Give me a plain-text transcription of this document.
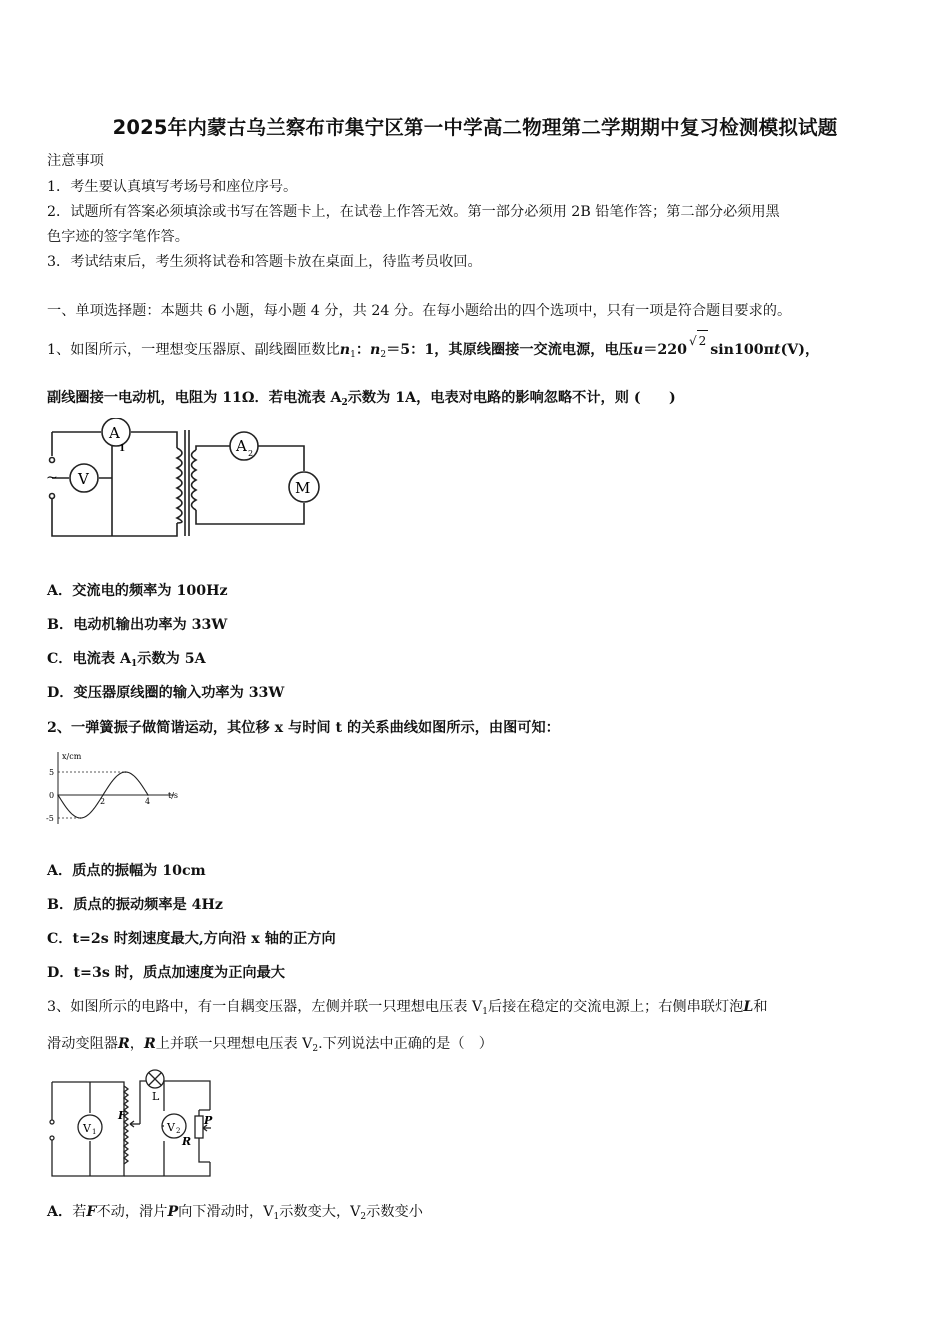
2025年内蒙古乌兰察布市集宁区第一中学高二物理第二学期期中复习检测模拟试题
注意事项
1．考生要认真填写考场号和座位序号。
2．试题所有答案必须填涂或书写在答题卡上，在试卷上作答无效。第一部分必须用 2B 铅笔作答；第二部分必须用黑
色字迹的签字笔作答。
3．考试结束后，考生须将试卷和答题卡放在桌面上，待监考员收回。
一、单项选择题：本题共 6 小题，每小题 4 分，共 24 分。在每小题给出的四个选项中，只有一项是符合题目要求的。
1、如图所示，一理想变压器原、副线圈匝数比$n_1$：$n_2=5$：1，其原线圈接一交流电源，电压u＝220√ 2sin100πt(V)，
副线圈接一电动机，电阻为 11Ω．若电流表 $A_2$示数为 1A，电表对电路的影响忽略不计，则 (　　)
A
1
V
A 2
M
~
A．交流电的频率为 100Hz
B．电动机输出功率为 33W
C．电流表 $A_1$示数为 5A
D．变压器原线圈的输入功率为 33W
2、一弹簧振子做简谐运动，其位移 x 与时间 t 的关系曲线如图所示，由图可知：
x/cm
t/s
2	4
5
0
-5
A．质点的振幅为 10cm
B．质点的振动频率是 4Hz
C．t=2s 时刻速度最大,方向沿 x 轴的正方向
D．t=3s 时，质点加速度为正向最大
3、如图所示的电路中，有一自耦变压器，左侧并联一只理想电压表 $V_1$后接在稳定的交流电源上；右侧串联灯泡L和
滑动变阻器R，R上并联一只理想电压表 $V_2$.下列说法中正确的是（　）
V 1	V 2
F
L
P
R
A．若F不动，滑片P向下滑动时，$V_1$示数变大，$V_2$示数变小
